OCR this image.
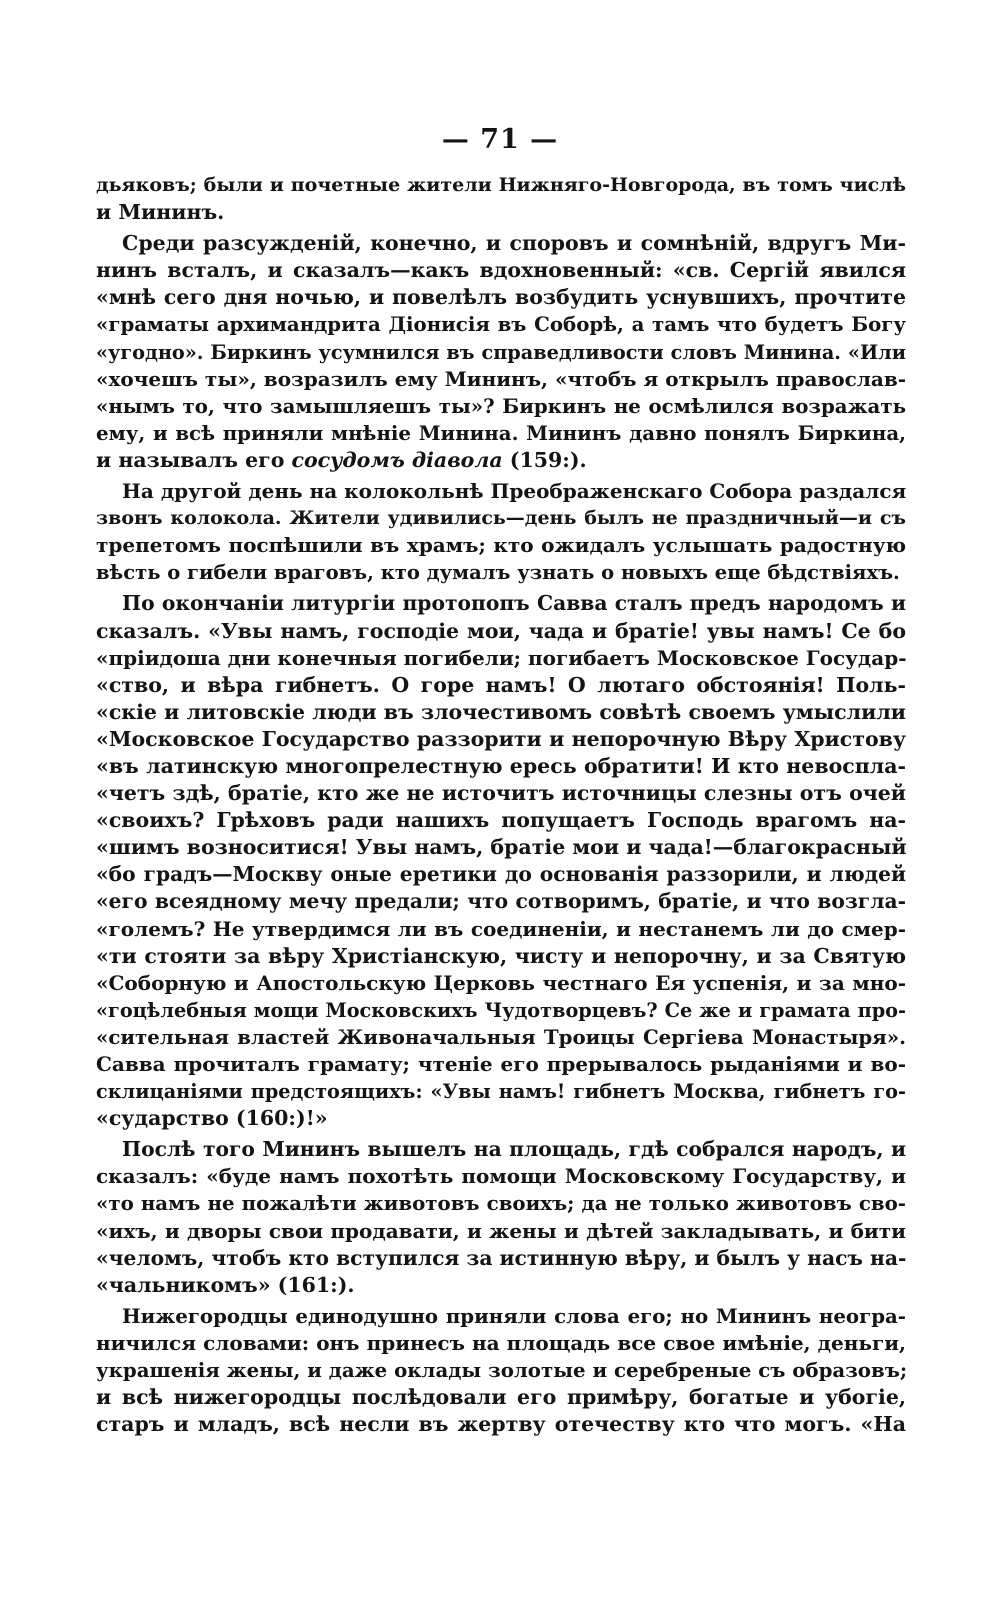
— 71 —
дьяковъ; были и почетные жители Нижняго-Новгорода, въ томъ числѣ
и Мининъ.
Среди разсужденій, конечно, и споровъ и сомнѣній, вдругъ Ми-
нинъ всталъ, и сказалъ—какъ вдохновенный: «св. Сергій явился
«мнѣ сего дня ночью, и повелѣлъ возбудить уснувшихъ, прочтите
«граматы архимандрита Діонисія въ Соборѣ, а тамъ что будетъ Богу
«угодно». Биркинъ усумнился въ справедливости словъ Минина. «Или
«хочешъ ты», возразилъ ему Мининъ, «чтобъ я открылъ православ-
«нымъ то, что замышляешъ ты»? Биркинъ не осмѣлился возражать
ему, и всѣ приняли мнѣніе Минина. Мининъ давно понялъ Биркина,
и называлъ его сосудомъ діавола (159:).
На другой день на колокольнѣ Преображенскаго Собора раздался
звонъ колокола. Жители удивились—день былъ не праздничный—и съ
трепетомъ поспѣшили въ храмъ; кто ожидалъ услышать радостную
вѣсть о гибели враговъ, кто думалъ узнать о новыхъ еще бѣдствіяхъ.
По окончаніи литургіи протопопъ Савва сталъ предъ народомъ и
сказалъ. «Увы намъ, господіе мои, чада и братіе! увы намъ! Се бо
«пріидоша дни конечныя погибели; погибаетъ Московское Государ-
«ство, и вѣра гибнетъ. О горе намъ! О лютаго обстоянія! Поль-
«скіе и литовскіе люди въ злочестивомъ совѣтѣ своемъ умыслили
«Московское Государство раззорити и непорочную Вѣру Христову
«въ латинскую многопрелестную ересь обратити! И кто невоспла-
«четъ здѣ, братіе, кто же не источитъ источницы слезны отъ очей
«своихъ? Грѣховъ ради нашихъ попущаетъ Господь врагомъ на-
«шимъ возноситися! Увы намъ, братіе мои и чада!—благокрасный
«бо градъ—Москву оные еретики до основанія раззорили, и людей
«его всеядному мечу предали; что сотворимъ, братіе, и что возгла-
«големъ? Не утвердимся ли въ соединеніи, и нестанемъ ли до смер-
«ти стояти за вѣру Христіанскую, чисту и непорочну, и за Святую
«Соборную и Апостольскую Церковь честнаго Ея успенія, и за мно-
«гоцѣлебныя мощи Московскихъ Чудотворцевъ? Се же и грамата про-
«сительная властей Живоначальныя Троицы Сергіева Монастыря».
Савва прочиталъ грамату; чтеніе его прерывалось рыданіями и во-
склицаніями предстоящихъ: «Увы намъ! гибнетъ Москва, гибнетъ го-
«сударство (160:)!»
Послѣ того Мининъ вышелъ на площадь, гдѣ собрался народъ, и
сказалъ: «буде намъ похотѣть помощи Московскому Государству, и
«то намъ не пожалѣти животовъ своихъ; да не только животовъ сво-
«ихъ, и дворы свои продавати, и жены и дѣтей закладывать, и бити
«челомъ, чтобъ кто вступился за истинную вѣру, и былъ у насъ на-
«чальникомъ» (161:).
Нижегородцы единодушно приняли слова его; но Мининъ неогра-
ничился словами: онъ принесъ на площадь все свое имѣніе, деньги,
украшенія жены, и даже оклады золотые и серебреные съ образовъ;
и всѣ нижегородцы послѣдовали его примѣру, богатые и убогіе,
старъ и младъ, всѣ несли въ жертву отечеству кто что могъ. «На
